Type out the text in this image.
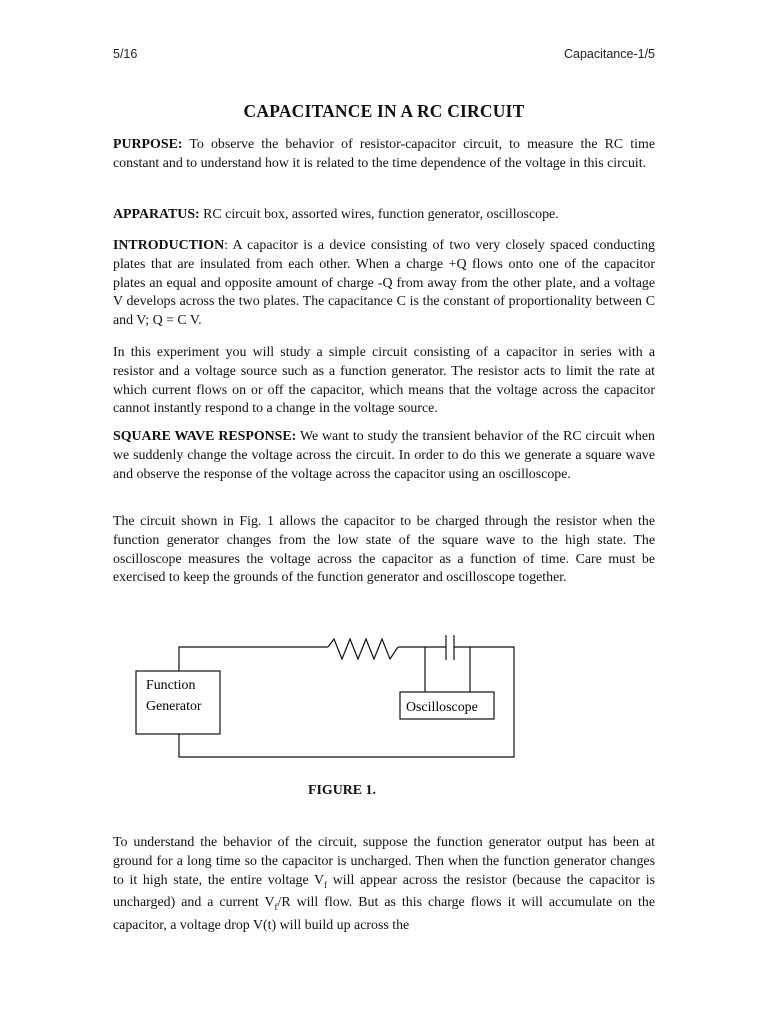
5/16	Capacitance-1/5
CAPACITANCE IN A RC CIRCUIT

PURPOSE: To observe the behavior of resistor-capacitor circuit, to measure the RC time constant and to understand how it is related to the time dependence of the voltage in this circuit.

APPARATUS: RC circuit box, assorted wires, function generator, oscilloscope.

INTRODUCTION: A capacitor is a device consisting of two very closely spaced conducting plates that are insulated from each other. When a charge +Q flows onto one of the capacitor plates an equal and opposite amount of charge -Q from away from the other plate, and a voltage V develops across the two plates. The capacitance C is the constant of proportionality between C and V; Q = C V.

In this experiment you will study a simple circuit consisting of a capacitor in series with a resistor and a voltage source such as a function generator. The resistor acts to limit the rate at which current flows on or off the capacitor, which means that the voltage across the capacitor cannot instantly respond to a change in the voltage source.

SQUARE WAVE RESPONSE: We want to study the transient behavior of the RC circuit when we suddenly change the voltage across the circuit. In order to do this we generate a square wave and observe the response of the voltage across the capacitor using an oscilloscope.

The circuit shown in Fig. 1 allows the capacitor to be charged through the resistor when the function generator changes from the low state of the square wave to the high state. The oscilloscope measures the voltage across the capacitor as a function of time. Care must be exercised to keep the grounds of the function generator and oscilloscope together.

Function
Generator	Oscilloscope
FIGURE 1.

To understand the behavior of the circuit, suppose the function generator output has been at ground for a long time so the capacitor is uncharged. Then when the function generator changes to it high state, the entire voltage $V_f$ will appear across the resistor (because the capacitor is uncharged) and a current $V_f/R$ will flow. But as this charge flows it will accumulate on the capacitor, a voltage drop V(t) will build up across the
